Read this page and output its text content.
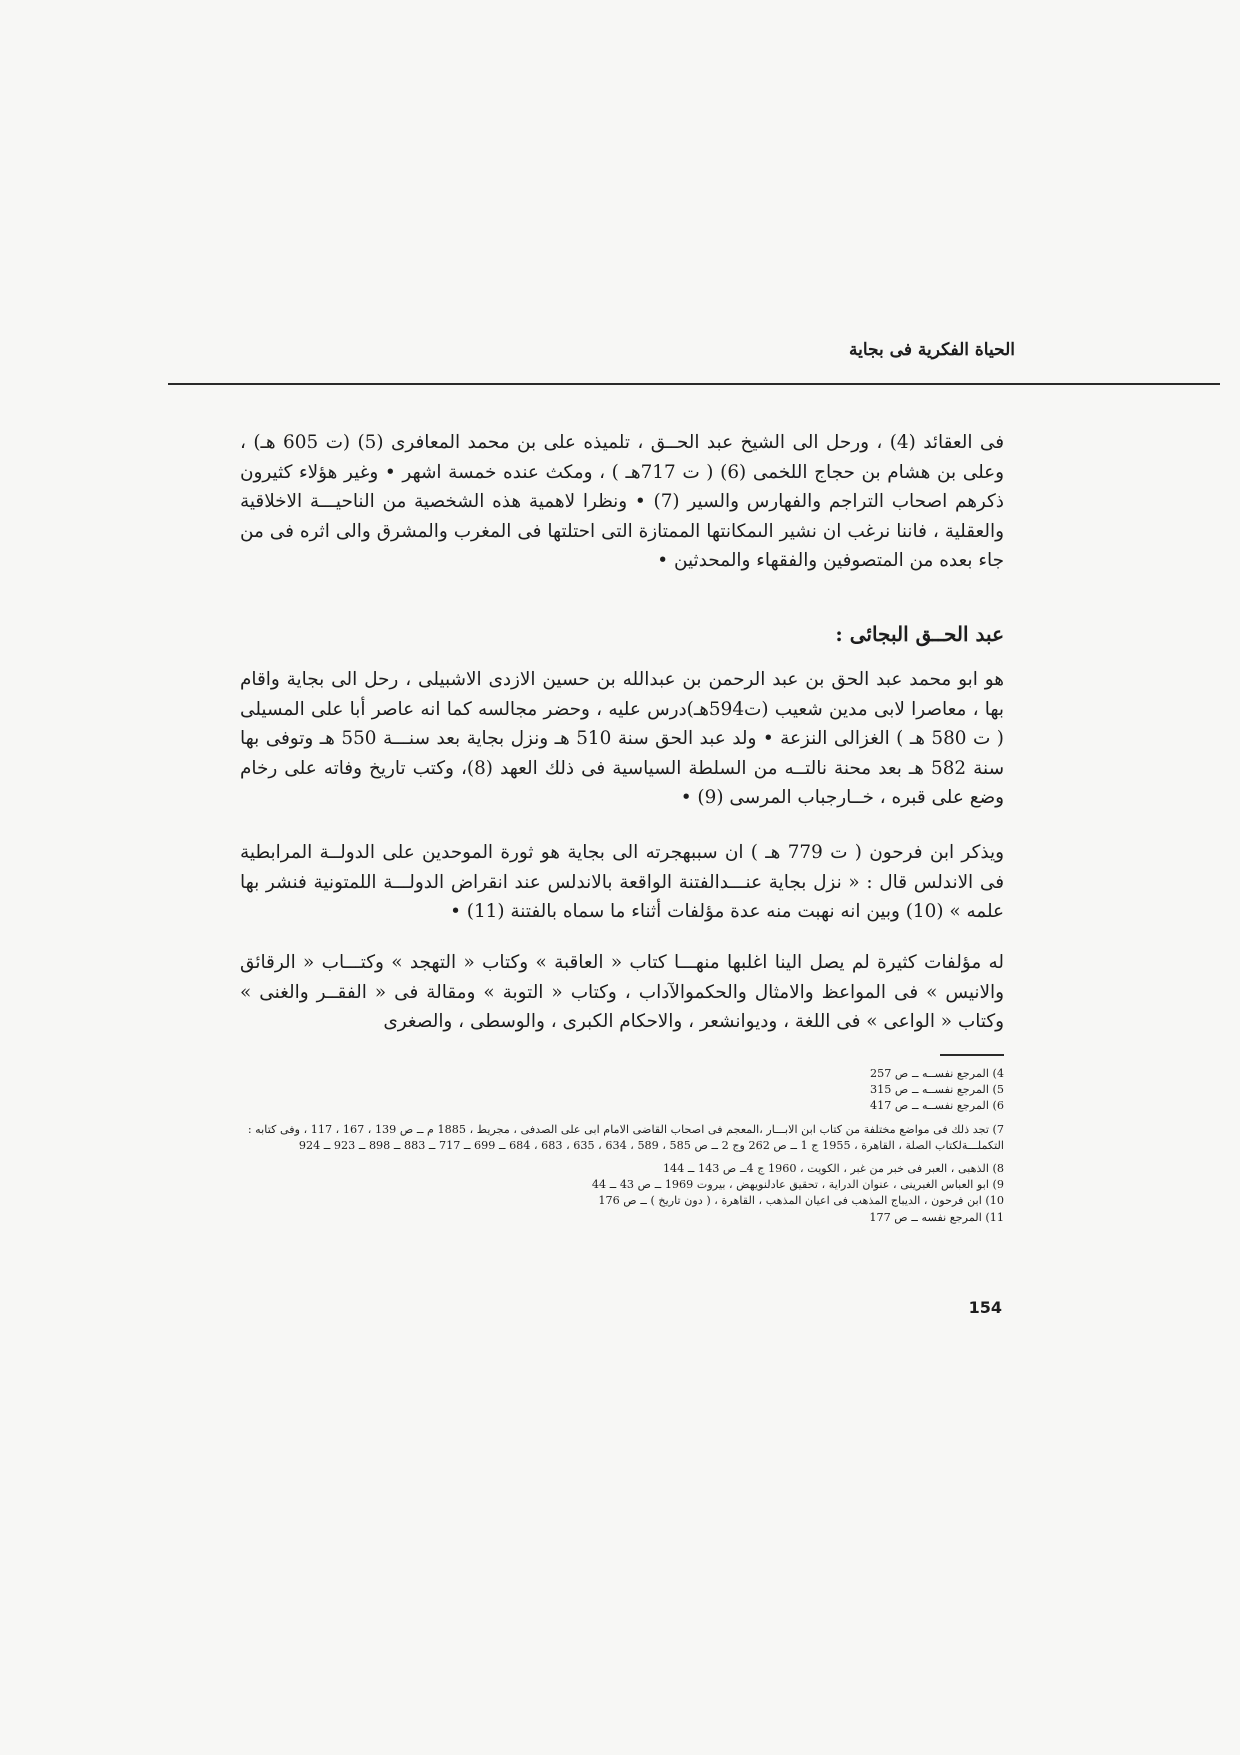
الحياة الفكرية فى بجاية

فى العقائد (4) ، ورحل الى الشيخ عبد الحــق ، تلميذه على بن محمد المعافرى (5) (ت 605 هـ) ، وعلى بن هشام بن حجاج اللخمى (6) ( ت 717هـ ) ، ومكث عنده خمسة اشهر • وغير هؤلاء كثيرون ذكرهم اصحاب التراجم والفهارس والسير (7) • ونظرا لاهمية هذه الشخصية من الناحيـــة الاخلاقية والعقلية ، فاننا نرغب ان نشير الىمكانتها الممتازة التى احتلتها فى المغرب والمشرق والى اثره فى من جاء بعده من المتصوفين والفقهاء والمحدثين •

عبد الحــق البجائى :

هو ابو محمد عبد الحق بن عبد الرحمن بن عبدالله بن حسين الازدى الاشبيلى ، رحل الى بجاية واقام بها ، معاصرا لابى مدين شعيب (ت594هـ)درس عليه ، وحضر مجالسه كما انه عاصر أبا على المسيلى ( ت 580 هـ ) الغزالى النزعة • ولد عبد الحق سنة 510 هـ ونزل بجاية بعد سنـــة 550 هـ وتوفى بها سنة 582 هـ بعد محنة نالتــه من السلطة السياسية فى ذلك العهد (8)، وكتب تاريخ وفاته على رخام وضع على قبره ، خــارجباب المرسى (9) •

ويذكر ابن فرحون ( ت 779 هـ ) ان سببهجرته الى بجاية هو ثورة الموحدين على الدولــة المرابطية فى الاندلس قال : « نزل بجاية عنـــدالفتنة الواقعة بالاندلس عند انقراض الدولـــة اللمتونية فنشر بها علمه » (10) وبين انه نهبت منه عدة مؤلفات أثناء ما سماه بالفتنة (11) •

له مؤلفات كثيرة لم يصل الينا اغلبها منهـــا كتاب « العاقبة » وكتاب « التهجد » وكتـــاب « الرقائق والانيس » فى المواعظ والامثال والحكموالآداب ، وكتاب « التوبة » ومقالة فى « الفقــر والغنى » وكتاب « الواعى » فى اللغة ، وديوانشعر ، والاحكام الكبرى ، والوسطى ، والصغرى

4) المرجع نفســه ــ ص 257

5) المرجع نفســه ــ ص 315

6) المرجع نفســه ــ ص 417

7) تجد ذلك فى مواضع مختلفة من كتاب ابن الابـــار ،المعجم فى اصحاب القاضى الامام ابى على الصدفى ، مجريط ، 1885 م ــ ص 139 ، 167 ، 117 ، وفى كتابه : التكملـــةلكتاب الصلة ، القاهرة ، 1955 ج 1 ــ ص 262 وج 2 ــ ص 585 ، 589 ، 634 ، 635 ، 683 ، 684 ــ 699 ــ 717 ــ 883 ــ 898 ــ 923 ــ 924

8) الذهبى ، العبر فى خبر من غبر ، الكويت ، 1960 ج 4ــ ص 143 ــ 144

9) ابو العباس الغبرينى ، عنوان الدراية ، تحقيق عادلنويهض ، بيروت 1969 ــ ص 43 ــ 44

10) ابن فرحون ، الديباج المذهب فى اعيان المذهب ، القاهرة ، ( دون تاريخ ) ــ ص 176

11) المرجع نفسه ــ ص 177

154
